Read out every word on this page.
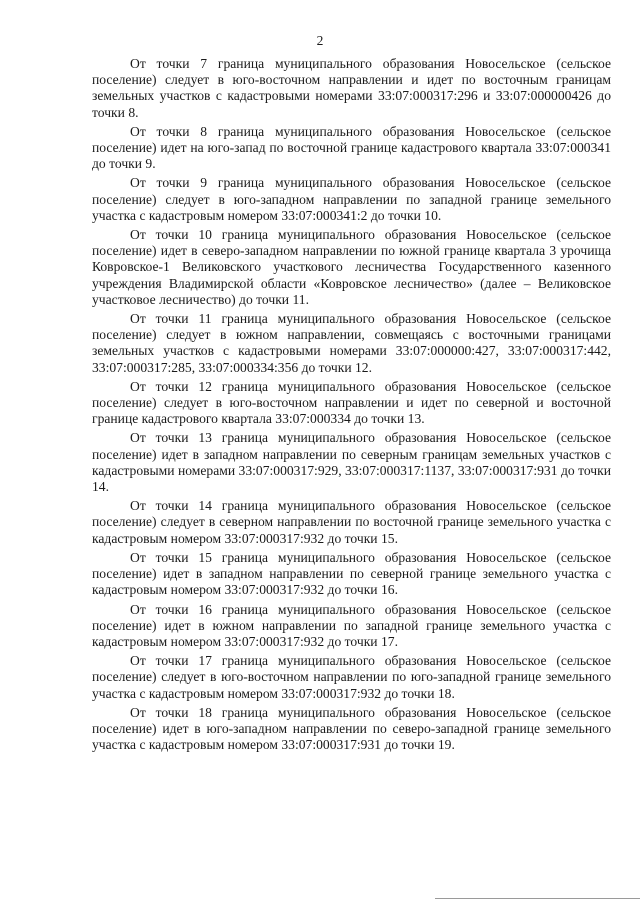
2

От точки 7 граница муниципального образования Новосельское (сельское поселение) следует в юго-восточном направлении и идет по восточным границам земельных участков с кадастровыми номерами 33:07:000317:296 и 33:07:000000426 до точки 8.

От точки 8 граница муниципального образования Новосельское (сельское поселение) идет на юго-запад по восточной границе кадастрового квартала 33:07:000341 до точки 9.

От точки 9 граница муниципального образования Новосельское (сельское поселение) следует в юго-западном направлении по западной границе земельного участка с кадастровым номером 33:07:000341:2 до точки 10.

От точки 10 граница муниципального образования Новосельское (сельское поселение) идет в северо-западном направлении по южной границе квартала 3 урочища Ковровское-1 Великовского участкового лесничества Государственного казенного учреждения Владимирской области «Ковровское лесничество» (далее – Великовское участковое лесничество) до точки 11.

От точки 11 граница муниципального образования Новосельское (сельское поселение) следует в южном направлении, совмещаясь с восточными границами земельных участков с кадастровыми номерами 33:07:000000:427, 33:07:000317:442, 33:07:000317:285, 33:07:000334:356 до точки 12.

От точки 12 граница муниципального образования Новосельское (сельское поселение) следует в юго-восточном направлении и идет по северной и восточной границе кадастрового квартала 33:07:000334 до точки 13.

От точки 13 граница муниципального образования Новосельское (сельское поселение) идет в западном направлении по северным границам земельных участков с кадастровыми номерами 33:07:000317:929, 33:07:000317:1137, 33:07:000317:931 до точки 14.

От точки 14 граница муниципального образования Новосельское (сельское поселение) следует в северном направлении по восточной границе земельного участка с кадастровым номером 33:07:000317:932 до точки 15.

От точки 15 граница муниципального образования Новосельское (сельское поселение) идет в западном направлении по северной границе земельного участка с кадастровым номером 33:07:000317:932 до точки 16.

От точки 16 граница муниципального образования Новосельское (сельское поселение) идет в южном направлении по западной границе земельного участка с кадастровым номером 33:07:000317:932 до точки 17.

От точки 17 граница муниципального образования Новосельское (сельское поселение) следует в юго-восточном направлении по юго-западной границе земельного участка с кадастровым номером 33:07:000317:932 до точки 18.

От точки 18 граница муниципального образования Новосельское (сельское поселение) идет в юго-западном направлении по северо-западной границе земельного участка с кадастровым номером 33:07:000317:931 до точки 19.
